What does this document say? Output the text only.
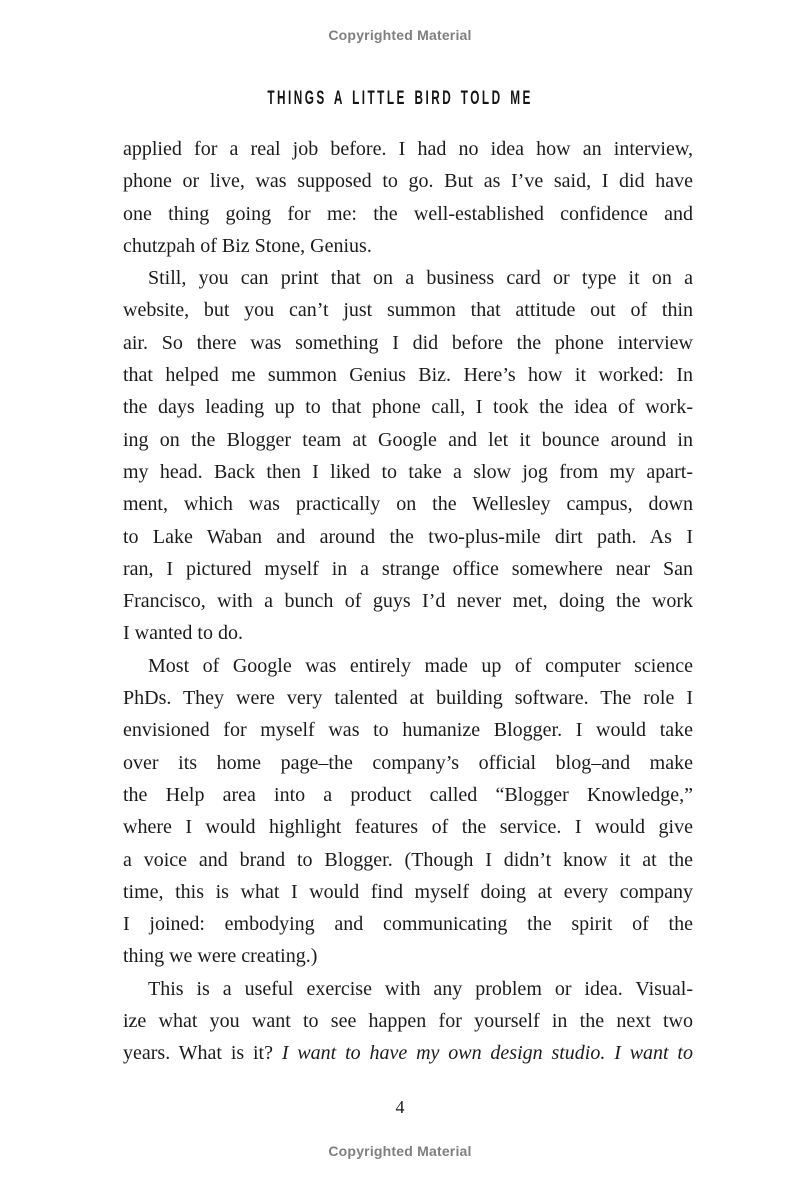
Copyrighted Material
THINGS A LITTLE BIRD TOLD ME
applied for a real job before. I had no idea how an interview,
phone or live, was supposed to go. But as I’ve said, I did have
one thing going for me: the well-established confidence and
chutzpah of Biz Stone, Genius.
Still, you can print that on a business card or type it on a
website, but you can’t just summon that attitude out of thin
air. So there was something I did before the phone interview
that helped me summon Genius Biz. Here’s how it worked: In
the days leading up to that phone call, I took the idea of work-
ing on the Blogger team at Google and let it bounce around in
my head. Back then I liked to take a slow jog from my apart-
ment, which was practically on the Wellesley campus, down
to Lake Waban and around the two-plus-mile dirt path. As I
ran, I pictured myself in a strange office somewhere near San
Francisco, with a bunch of guys I’d never met, doing the work
I wanted to do.
Most of Google was entirely made up of computer science
PhDs. They were very talented at building software. The role I
envisioned for myself was to humanize Blogger. I would take
over its home page–the company’s official blog–and make
the Help area into a product called “Blogger Knowledge,”
where I would highlight features of the service. I would give
a voice and brand to Blogger. (Though I didn’t know it at the
time, this is what I would find myself doing at every company
I joined: embodying and communicating the spirit of the
thing we were creating.)
This is a useful exercise with any problem or idea. Visual-
ize what you want to see happen for yourself in the next two
years. What is it? I want to have my own design studio. I want to
4
Copyrighted Material
